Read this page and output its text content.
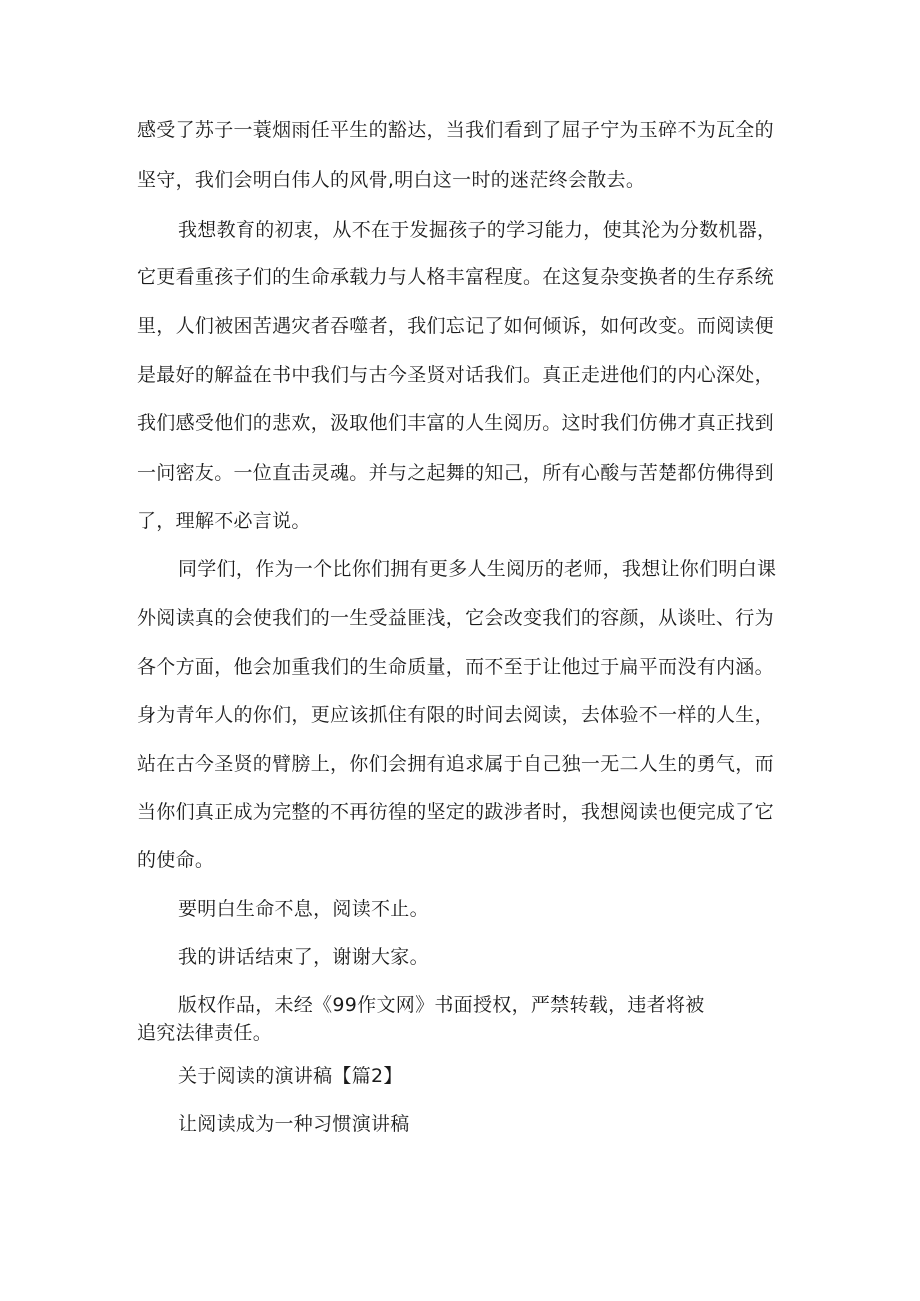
感受了苏子一蓑烟雨任平生的豁达，当我们看到了屈子宁为玉碎不为瓦全的
坚守，我们会明白伟人的风骨,明白这一时的迷茫终会散去。
我想教育的初衷，从不在于发掘孩子的学习能力，使其沦为分数机器，
它更看重孩子们的生命承载力与人格丰富程度。在这复杂变换者的生存系统
里，人们被困苦遇灾者吞噬者，我们忘记了如何倾诉，如何改变。而阅读便
是最好的解益在书中我们与古今圣贤对话我们。真正走进他们的内心深处，
我们感受他们的悲欢，汲取他们丰富的人生阅历。这时我们仿佛才真正找到
一问密友。一位直击灵魂。并与之起舞的知己，所有心酸与苦楚都仿佛得到
了，理解不必言说。
同学们，作为一个比你们拥有更多人生阅历的老师，我想让你们明白课
外阅读真的会使我们的一生受益匪浅，它会改变我们的容颜，从谈吐、行为
各个方面，他会加重我们的生命质量，而不至于让他过于扁平而没有内涵。
身为青年人的你们，更应该抓住有限的时间去阅读，去体验不一样的人生，
站在古今圣贤的臂膀上，你们会拥有追求属于自己独一无二人生的勇气，而
当你们真正成为完整的不再彷徨的坚定的跋涉者时，我想阅读也便完成了它
的使命。
要明白生命不息，阅读不止。
我的讲话结束了，谢谢大家。
版权作品，未经《99作文网》书面授权，严禁转载，违者将被
追究法律责任。
关于阅读的演讲稿【篇2】
让阅读成为一种习惯演讲稿
